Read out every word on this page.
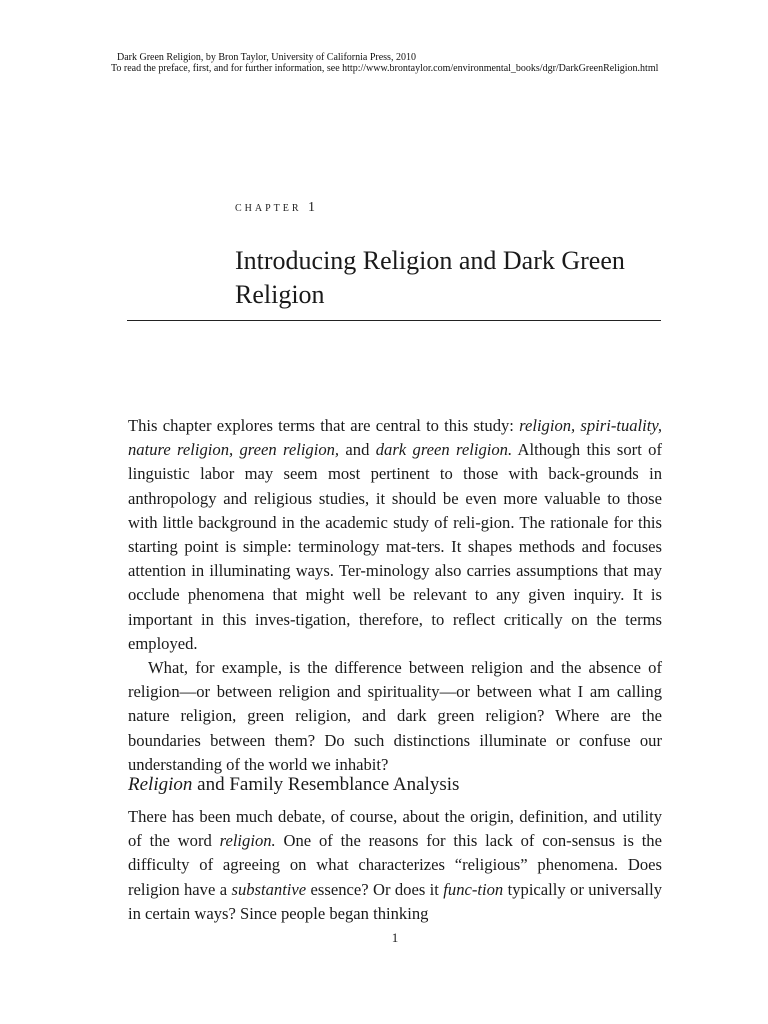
Dark Green Religion, by Bron Taylor, University of California Press, 2010
To read the preface, first, and for further information, see http://www.brontaylor.com/environmental_books/dgr/DarkGreenReligion.html
chapter 1
Introducing Religion and Dark Green Religion

This chapter explores terms that are central to this study: religion, spiri-tuality, nature religion, green religion, and dark green religion. Although this sort of linguistic labor may seem most pertinent to those with back-grounds in anthropology and religious studies, it should be even more valuable to those with little background in the academic study of reli-gion. The rationale for this starting point is simple: terminology mat-ters. It shapes methods and focuses attention in illuminating ways. Ter-minology also carries assumptions that may occlude phenomena that might well be relevant to any given inquiry. It is important in this inves-tigation, therefore, to reflect critically on the terms employed.

What, for example, is the difference between religion and the absence of religion—or between religion and spirituality—or between what I am calling nature religion, green religion, and dark green religion? Where are the boundaries between them? Do such distinctions illuminate or confuse our understanding of the world we inhabit?

Religion and Family Resemblance Analysis

There has been much debate, of course, about the origin, definition, and utility of the word religion. One of the reasons for this lack of con-sensus is the difficulty of agreeing on what characterizes “religious” phenomena. Does religion have a substantive essence? Or does it func-tion typically or universally in certain ways? Since people began thinking

1
